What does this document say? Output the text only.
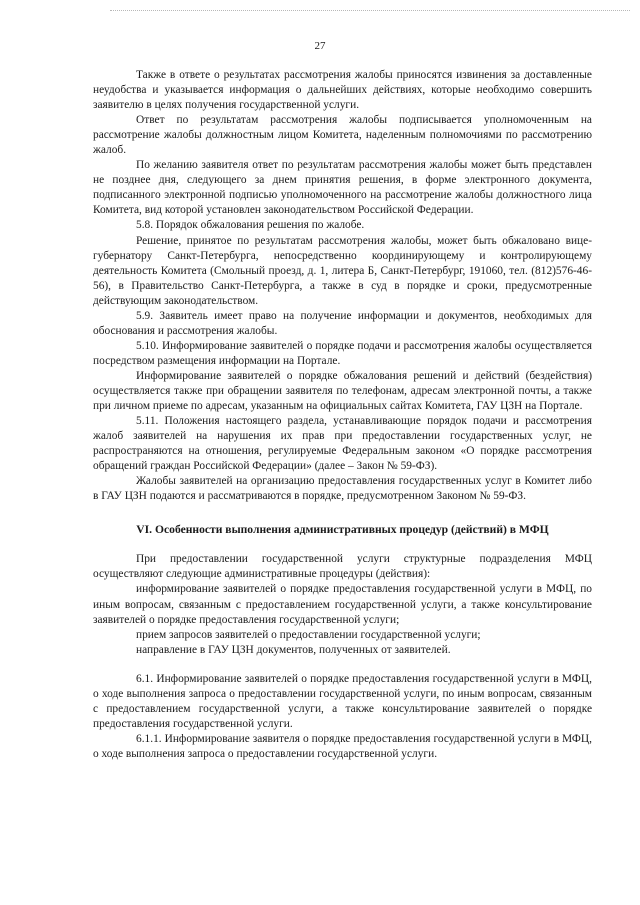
27

Также в ответе о результатах рассмотрения жалобы приносятся извинения за доставленные неудобства и указывается информация о дальнейших действиях, которые необходимо совершить заявителю в целях получения государственной услуги.

Ответ по результатам рассмотрения жалобы подписывается уполномоченным на рассмотрение жалобы должностным лицом Комитета, наделенным полномочиями по рассмотрению жалоб.

По желанию заявителя ответ по результатам рассмотрения жалобы может быть представлен не позднее дня, следующего за днем принятия решения, в форме электронного документа, подписанного электронной подписью уполномоченного на рассмотрение жалобы должностного лица Комитета, вид которой установлен законодательством Российской Федерации.

5.8. Порядок обжалования решения по жалобе.

Решение, принятое по результатам рассмотрения жалобы, может быть обжаловано вице-губернатору Санкт-Петербурга, непосредственно координирующему и контролирующему деятельность Комитета (Смольный проезд, д. 1, литера Б, Санкт-Петербург, 191060, тел. (812)576-46-56), в Правительство Санкт-Петербурга, а также в суд в порядке и сроки, предусмотренные действующим законодательством.

5.9. Заявитель имеет право на получение информации и документов, необходимых для обоснования и рассмотрения жалобы.

5.10. Информирование заявителей о порядке подачи и рассмотрения жалобы осуществляется посредством размещения информации на Портале.

Информирование заявителей о порядке обжалования решений и действий (бездействия) осуществляется также при обращении заявителя по телефонам, адресам электронной почты, а также при личном приеме по адресам, указанным на официальных сайтах Комитета, ГАУ ЦЗН на Портале.

5.11. Положения настоящего раздела, устанавливающие порядок подачи и рассмотрения жалоб заявителей на нарушения их прав при предоставлении государственных услуг, не распространяются на отношения, регулируемые Федеральным законом «О порядке рассмотрения обращений граждан Российской Федерации» (далее – Закон № 59-ФЗ).

Жалобы заявителей на организацию предоставления государственных услуг в Комитет либо в ГАУ ЦЗН подаются и рассматриваются в порядке, предусмотренном Законом № 59-ФЗ.

VI. Особенности выполнения административных процедур (действий) в МФЦ

При предоставлении государственной услуги структурные подразделения МФЦ осуществляют следующие административные процедуры (действия):

информирование заявителей о порядке предоставления государственной услуги в МФЦ, по иным вопросам, связанным с предоставлением государственной услуги, а также консультирование заявителей о порядке предоставления государственной услуги;

прием запросов заявителей о предоставлении государственной услуги;

направление в ГАУ ЦЗН документов, полученных от заявителей.

6.1. Информирование заявителей о порядке предоставления государственной услуги в МФЦ, о ходе выполнения запроса о предоставлении государственной услуги, по иным вопросам, связанным с предоставлением государственной услуги, а также консультирование заявителей о порядке предоставления государственной услуги.

6.1.1. Информирование заявителя о порядке предоставления государственной услуги в МФЦ, о ходе выполнения запроса о предоставлении государственной услуги.
